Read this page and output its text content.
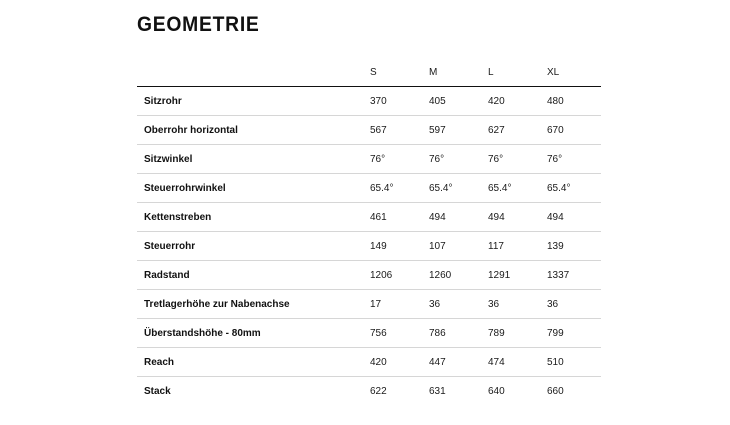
GEOMETRIE
	S	M	L	XL
Sitzrohr	370	405	420	480
Oberrohr horizontal	567	597	627	670
Sitzwinkel	76°	76°	76°	76°
Steuerrohrwinkel	65.4°	65.4°	65.4°	65.4°
Kettenstreben	461	494	494	494
Steuerrohr	149	107	117	139
Radstand	1206	1260	1291	1337
Tretlagerhöhe zur Nabenachse	17	36	36	36
Überstandshöhe - 80mm	756	786	789	799
Reach	420	447	474	510
Stack	622	631	640	660
